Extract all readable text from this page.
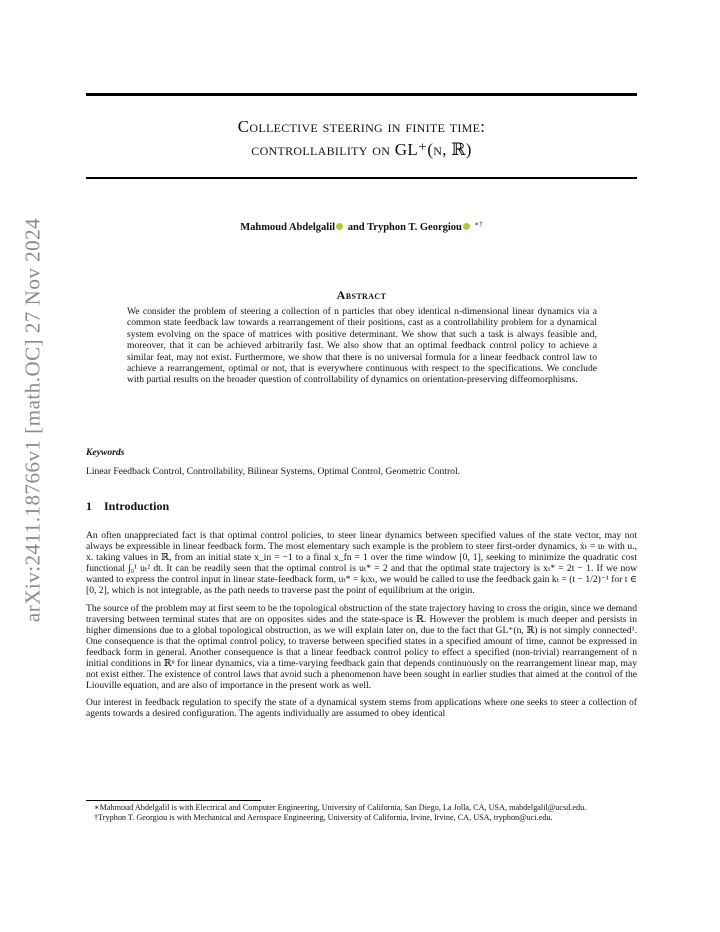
arXiv:2411.18766v1 [math.OC] 27 Nov 2024
Collective steering in finite time:
controllability on GL⁺(n, ℝ)
Mahmoud Abdelgalil and Tryphon T. Georgiou ∗†
Abstract
We consider the problem of steering a collection of n particles that obey identical n-dimensional linear dynamics via a common state feedback law towards a rearrangement of their positions, cast as a controllability problem for a dynamical system evolving on the space of matrices with positive determinant. We show that such a task is always feasible and, moreover, that it can be achieved arbitrarily fast. We also show that an optimal feedback control policy to achieve a similar feat, may not exist. Furthermore, we show that there is no universal formula for a linear feedback control law to achieve a rearrangement, optimal or not, that is everywhere continuous with respect to the specifications. We conclude with partial results on the broader question of controllability of dynamics on orientation-preserving diffeomorphisms.
Keywords
Linear Feedback Control, Controllability, Bilinear Systems, Optimal Control, Geometric Control.
1 Introduction

An often unappreciated fact is that optimal control policies, to steer linear dynamics between specified values of the state vector, may not always be expressible in linear feedback form. The most elementary such example is the problem to steer first-order dynamics, ẋₜ = uₜ with u., x. taking values in ℝ, from an initial state x_in = −1 to a final x_fn = 1 over the time window [0, 1], seeking to minimize the quadratic cost functional ∫₀¹ uₜ² dt. It can be readily seen that the optimal control is uₜ* = 2 and that the optimal state trajectory is xₜ* = 2t − 1. If we now wanted to express the control input in linear state-feedback form, uₜ* = kₜxₜ, we would be called to use the feedback gain kₜ = (t − 1/2)⁻¹ for t ∈ [0, 2], which is not integrable, as the path needs to traverse past the point of equilibrium at the origin.

The source of the problem may at first seem to be the topological obstruction of the state trajectory having to cross the origin, since we demand traversing between terminal states that are on opposites sides and the state-space is ℝ. However the problem is much deeper and persists in higher dimensions due to a global topological obstruction, as we will explain later on, due to the fact that GL⁺(n, ℝ) is not simply connected¹. One consequence is that the optimal control policy, to traverse between specified states in a specified amount of time, cannot be expressed in feedback form in general. Another consequence is that a linear feedback control policy to effect a specified (non-trivial) rearrangement of n initial conditions in ℝⁿ for linear dynamics, via a time-varying feedback gain that depends continuously on the rearrangement linear map, may not exist either. The existence of control laws that avoid such a phenomenon have been sought in earlier studies that aimed at the control of the Liouville equation, and are also of importance in the present work as well.

Our interest in feedback regulation to specify the state of a dynamical system stems from applications where one seeks to steer a collection of agents towards a desired configuration. The agents individually are assumed to obey identical

∗Mahmoud Abdelgalil is with Electrical and Computer Engineering, University of California, San Diego, La Jolla, CA, USA, mabdelgalil@ucsd.edu.

†Tryphon T. Georgiou is with Mechanical and Aerospace Engineering, University of California, Irvine, Irvine, CA, USA, tryphon@uci.edu.
